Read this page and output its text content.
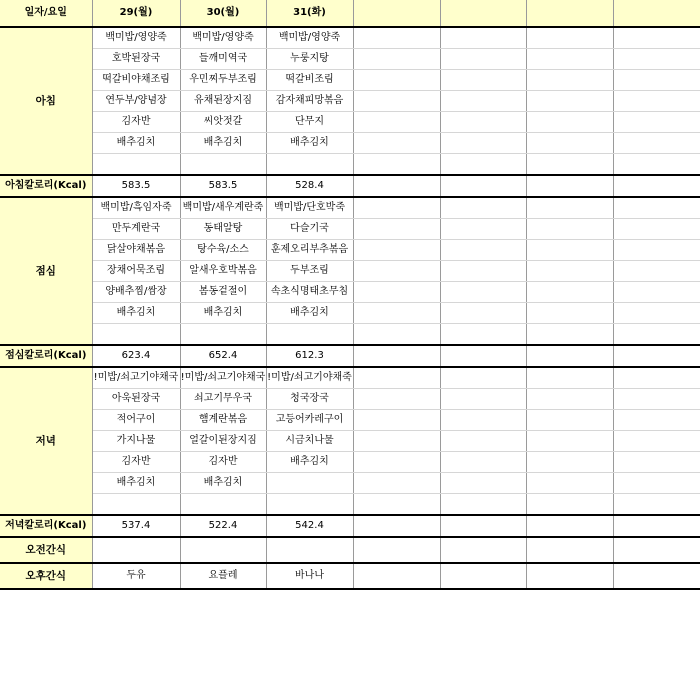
일자/요일	29(월)	30(월)	31(화)				
아침	백미밥/영양죽	백미밥/영양죽	백미밥/영양죽				
	호박된장국	들깨미역국	누룽지탕				
	떡갈비야채조림	우민찌두부조림	떡갈비조림				
	연두부/양념장	유채된장지짐	감자채피망볶음				
	김자반	씨앗젓갈	단무지				
	배추김치	배추김치	배추김치				

아침칼로리(Kcal)	583.5	583.5	528.4				
점심	백미밥/흑임자죽	백미밥/새우계란죽	백미밥/단호박죽				
	만두계란국	동태알탕	다슬기국				
	닭살야채볶음	탕수육/소스	훈제오리부추볶음				
	장채어묵조림	알새우호박볶음	두부조림				
	양배추찜/쌈장	봄동겉절이	속초식명태초무침				
	배추김치	배추김치	배추김치				

점심칼로리(Kcal)	623.4	652.4	612.3				
저녁	!미밥/쇠고기야채국	!미밥/쇠고기야채국	!미밥/쇠고기야채죽				
	아욱된장국	쇠고기무우국	청국장국				
	적어구이	햄계란볶음	고등어카레구이				
	가지나물	얼갈이된장지짐	시금치나물				
	김자반	김자반	배추김치				
	배추김치	배추김치					

저녁칼로리(Kcal)	537.4	522.4	542.4				
오전간식							
오후간식	두유	요플레	바나나				
